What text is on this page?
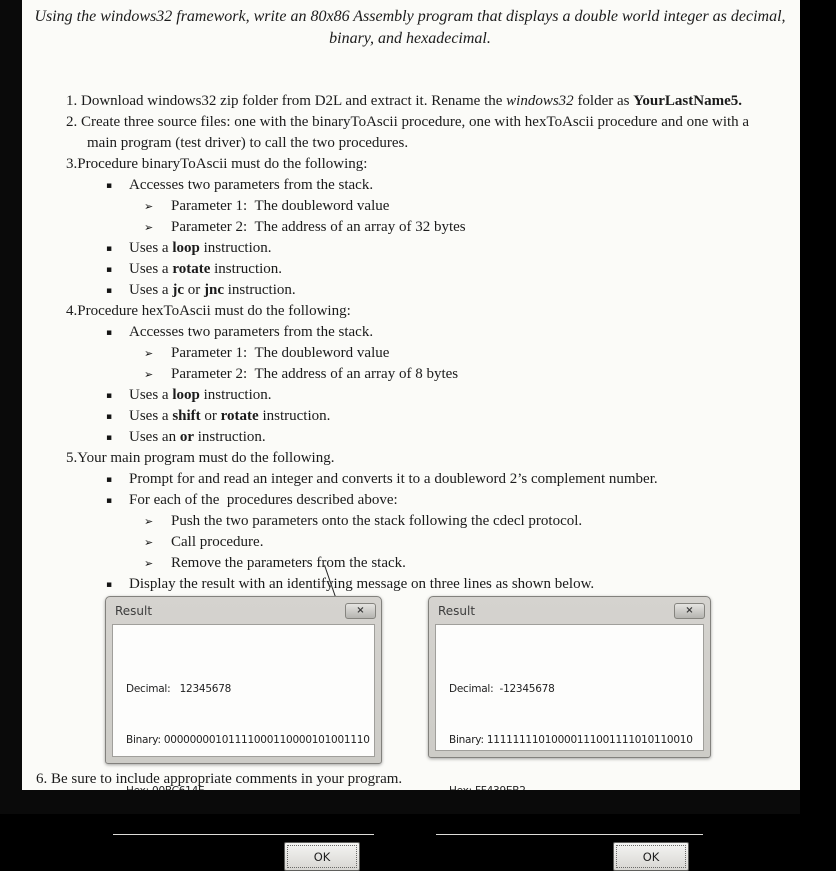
Using the windows32 framework, write an 80x86 Assembly program that displays a double world integer as decimal,
binary, and hexadecimal.

1. Download windows32 zip folder from D2L and extract it. Rename the windows32 folder as YourLastName5.

2. Create three source files: one with the binaryToAscii procedure, one with hexToAscii procedure and one with a

main program (test driver) to call the two procedures.

3.Procedure binaryToAscii must do the following:

▪ Accesses two parameters from the stack.

➢ Parameter 1:  The doubleword value

➢ Parameter 2:  The address of an array of 32 bytes

▪ Uses a loop instruction.

▪ Uses a rotate instruction.

▪ Uses a jc or jnc instruction.

4.Procedure hexToAscii must do the following:

▪ Accesses two parameters from the stack.

➢ Parameter 1:  The doubleword value

➢ Parameter 2:  The address of an array of 8 bytes

▪ Uses a loop instruction.

▪ Uses a shift or rotate instruction.

▪ Uses an or instruction.

5.Your main program must do the following.

▪ Prompt for and read an integer and converts it to a doubleword 2’s complement number.

▪ For each of the  procedures described above:

➢ Push the two parameters onto the stack following the cdecl protocol.

➢ Call procedure.

➢ Remove the parameters from the stack.

▪ Display the result with an identifying message on three lines as shown below.

Result	×

Decimal:   12345678

Binary: 00000000101111000110000101001110

OK
Result	×

Decimal:  -12345678

Binary: 11111111010000111001111010110010

OK
6. Be sure to include appropriate comments in your program.
